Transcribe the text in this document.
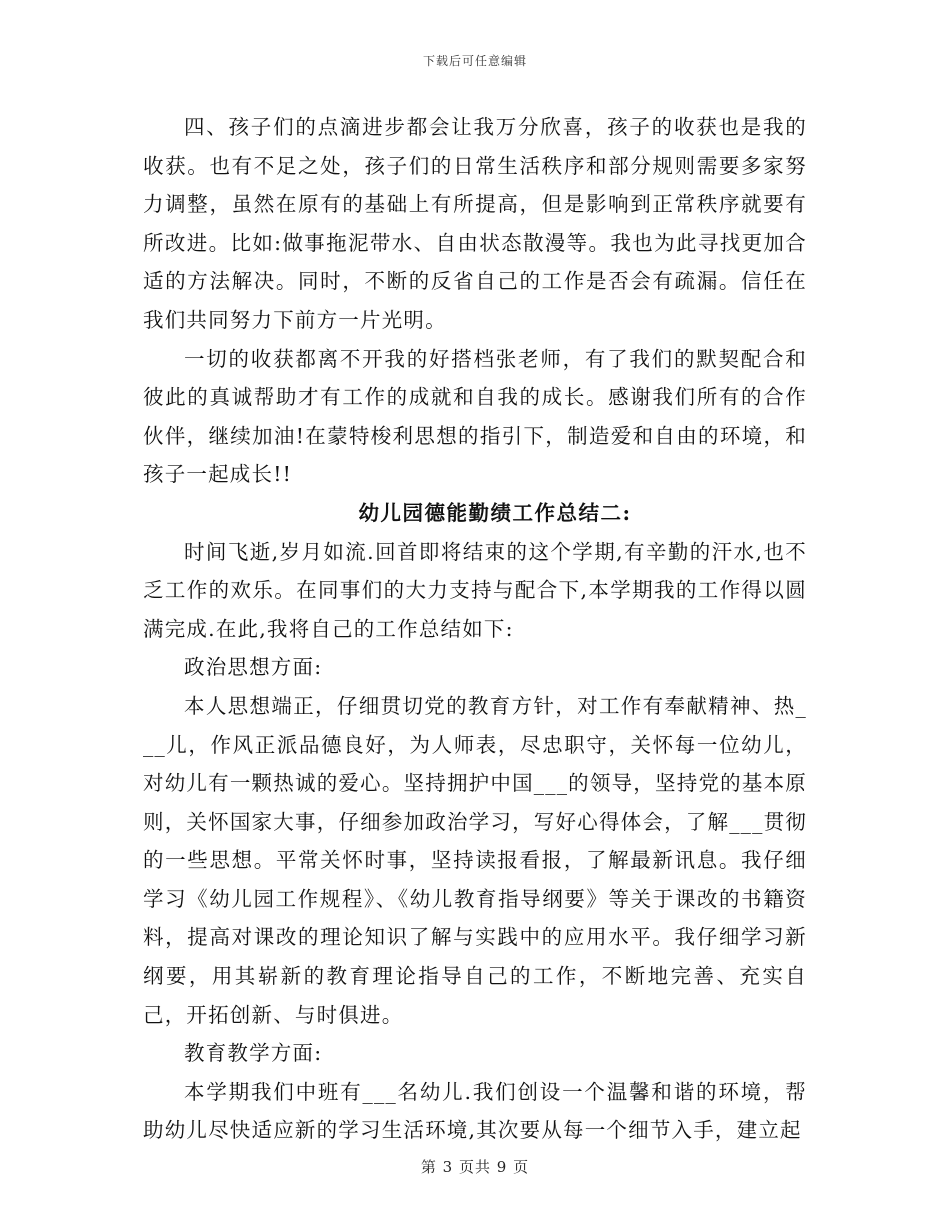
下载后可任意编辑

四、孩子们的点滴进步都会让我万分欣喜，孩子的收获也是我的收获。也有不足之处，孩子们的日常生活秩序和部分规则需要多家努力调整，虽然在原有的基础上有所提高，但是影响到正常秩序就要有所改进。比如:做事拖泥带水、自由状态散漫等。我也为此寻找更加合适的方法解决。同时，不断的反省自己的工作是否会有疏漏。信任在我们共同努力下前方一片光明。

一切的收获都离不开我的好搭档张老师，有了我们的默契配合和彼此的真诚帮助才有工作的成就和自我的成长。感谢我们所有的合作伙伴，继续加油!在蒙特梭利思想的指引下，制造爱和自由的环境，和孩子一起成长!!

幼儿园德能勤绩工作总结二:

时间飞逝,岁月如流.回首即将结束的这个学期,有辛勤的汗水,也不乏工作的欢乐。在同事们的大力支持与配合下,本学期我的工作得以圆满完成.在此,我将自己的工作总结如下:

政治思想方面:

本人思想端正，仔细贯切党的教育方针，对工作有奉献精神、热___儿，作风正派品德良好，为人师表，尽忠职守，关怀每一位幼儿，对幼儿有一颗热诚的爱心。坚持拥护中国___的领导，坚持党的基本原则，关怀国家大事，仔细参加政治学习，写好心得体会，了解___贯彻的一些思想。平常关怀时事，坚持读报看报，了解最新讯息。我仔细学习《幼儿园工作规程》、《幼儿教育指导纲要》等关于课改的书籍资料，提高对课改的理论知识了解与实践中的应用水平。我仔细学习新纲要，用其崭新的教育理论指导自己的工作，不断地完善、充实自己，开拓创新、与时俱进。

教育教学方面:

本学期我们中班有___名幼儿.我们创设一个温馨和谐的环境，帮助幼儿尽快适应新的学习生活环境,其次要从每一个细节入手，建立起

第 3 页共 9 页
